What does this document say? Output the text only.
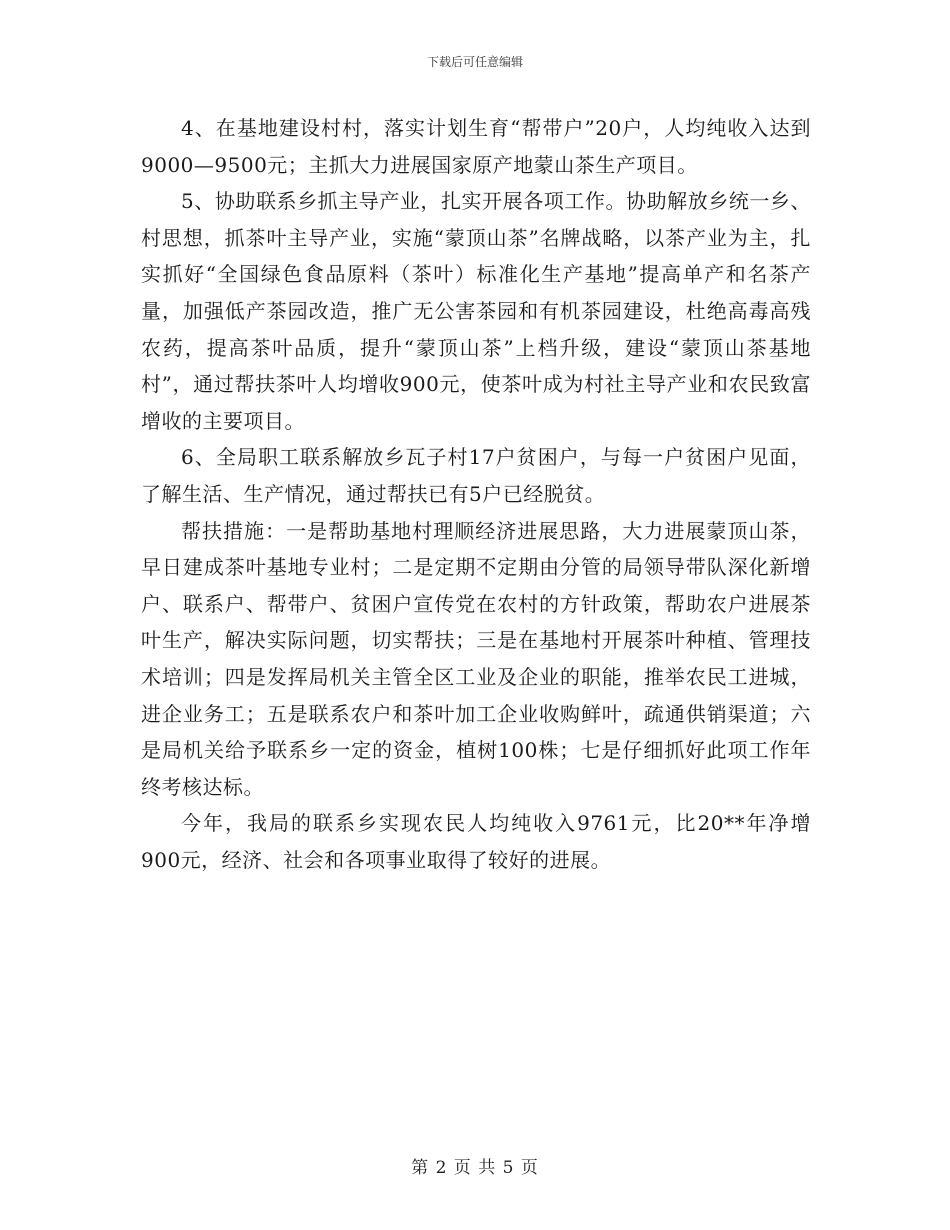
下载后可任意编辑

4、在基地建设村村，落实计划生育“帮带户”20户，人均纯收入达到9000—9500元；主抓大力进展国家原产地蒙山茶生产项目。

5、协助联系乡抓主导产业，扎实开展各项工作。协助解放乡统一乡、村思想，抓茶叶主导产业，实施“蒙顶山茶”名牌战略，以茶产业为主，扎实抓好“全国绿色食品原料（茶叶）标准化生产基地”提高单产和名茶产量，加强低产茶园改造，推广无公害茶园和有机茶园建设，杜绝高毒高残农药，提高茶叶品质，提升“蒙顶山茶”上档升级，建设“蒙顶山茶基地村”，通过帮扶茶叶人均增收900元，使茶叶成为村社主导产业和农民致富增收的主要项目。

6、全局职工联系解放乡瓦子村17户贫困户，与每一户贫困户见面，了解生活、生产情况，通过帮扶已有5户已经脱贫。

帮扶措施：一是帮助基地村理顺经济进展思路，大力进展蒙顶山茶，早日建成茶叶基地专业村；二是定期不定期由分管的局领导带队深化新增户、联系户、帮带户、贫困户宣传党在农村的方针政策，帮助农户进展茶叶生产，解决实际问题，切实帮扶；三是在基地村开展茶叶种植、管理技术培训；四是发挥局机关主管全区工业及企业的职能，推举农民工进城，进企业务工；五是联系农户和茶叶加工企业收购鲜叶，疏通供销渠道；六是局机关给予联系乡一定的资金，植树100株；七是仔细抓好此项工作年终考核达标。

今年，我局的联系乡实现农民人均纯收入9761元，比20**年净增900元，经济、社会和各项事业取得了较好的进展。

第 2 页 共 5 页
